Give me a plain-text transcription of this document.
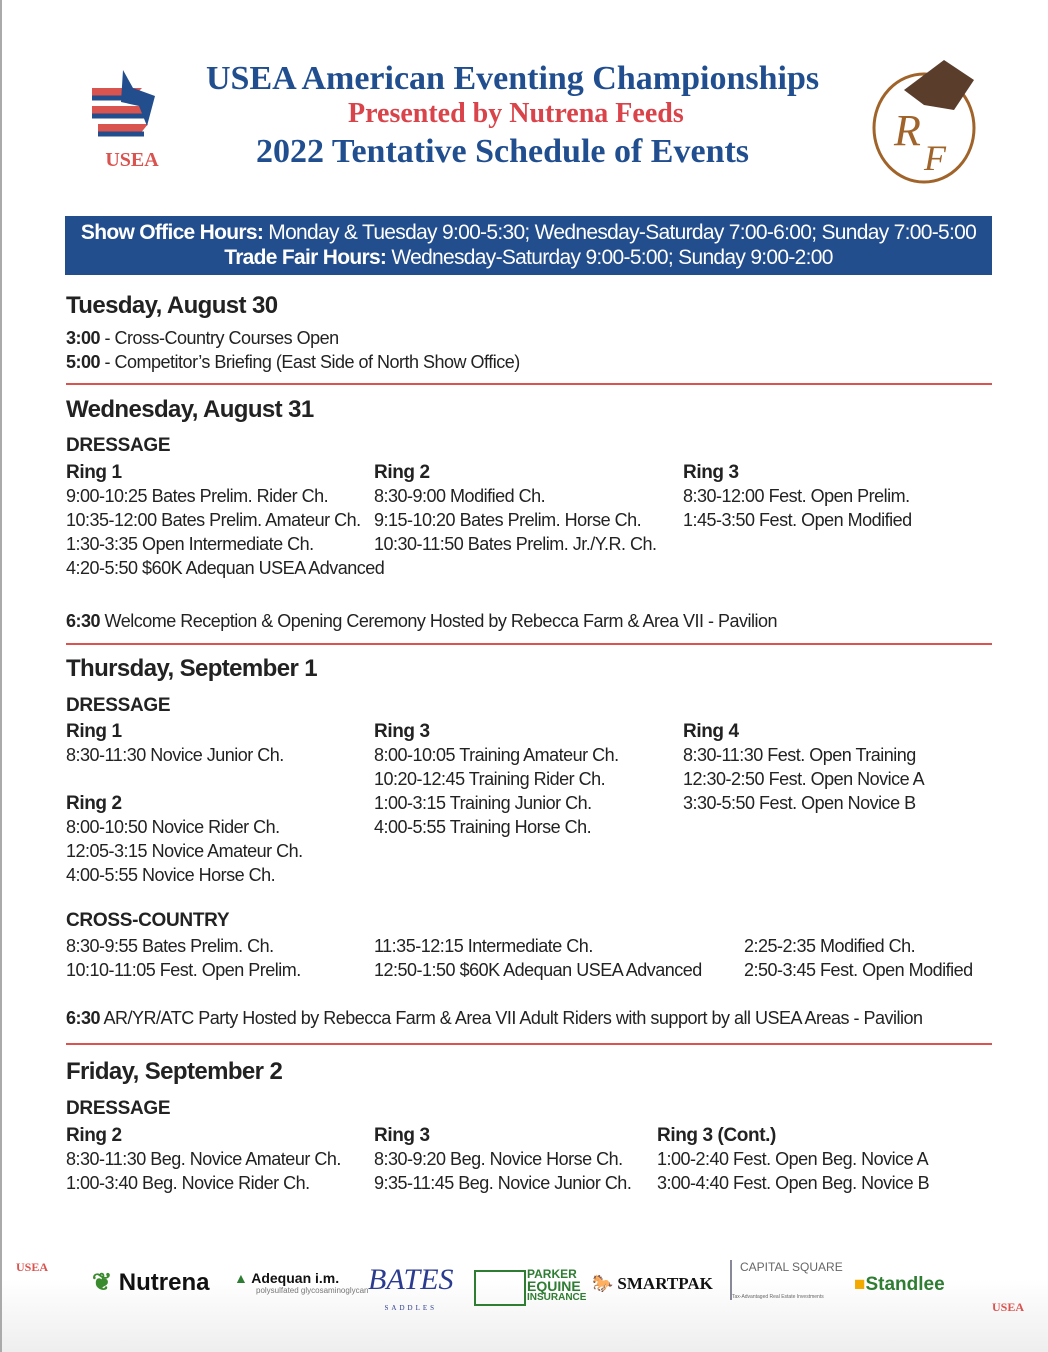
USEA
USEA American Eventing Championships
Presented by Nutrena Feeds
2022 Tentative Schedule of Events	R
F
Show Office Hours: Monday & Tuesday 9:00-5:30; Wednesday-Saturday 7:00-6:00; Sunday 7:00-5:00
Trade Fair Hours: Wednesday-Saturday 9:00-5:00; Sunday 9:00-2:00
Tuesday, August 30
3:00 - Cross-Country Courses Open
5:00 - Competitor’s Briefing (East Side of North Show Office)
Wednesday, August 31
DRESSAGE
Ring 1
9:00-10:25 Bates Prelim. Rider Ch.
10:35-12:00 Bates Prelim. Amateur Ch.
1:30-3:35 Open Intermediate Ch.
4:20-5:50 $60K Adequan USEA Advanced
Ring 2
8:30-9:00 Modified Ch.
9:15-10:20 Bates Prelim. Horse Ch.
10:30-11:50 Bates Prelim. Jr./Y.R. Ch.
Ring 3
8:30-12:00 Fest. Open Prelim.
1:45-3:50 Fest. Open Modified
6:30 Welcome Reception & Opening Ceremony Hosted by Rebecca Farm & Area VII - Pavilion
Thursday, September 1
DRESSAGE
Ring 1
8:30-11:30 Novice Junior Ch.
Ring 2
8:00-10:50 Novice Rider Ch.
12:05-3:15 Novice Amateur Ch.
4:00-5:55 Novice Horse Ch.
Ring 3
8:00-10:05 Training Amateur Ch.
10:20-12:45 Training Rider Ch.
1:00-3:15 Training Junior Ch.
4:00-5:55 Training Horse Ch.
Ring 4
8:30-11:30 Fest. Open Training
12:30-2:50 Fest. Open Novice A
3:30-5:50 Fest. Open Novice B
CROSS-COUNTRY
8:30-9:55 Bates Prelim. Ch.
10:10-11:05 Fest. Open Prelim.
11:35-12:15 Intermediate Ch.
12:50-1:50 $60K Adequan USEA Advanced
2:25-2:35 Modified Ch.
2:50-3:45 Fest. Open Modified
6:30 AR/YR/ATC Party Hosted by Rebecca Farm & Area VII Adult Riders with support by all USEA Areas - Pavilion
Friday, September 2
DRESSAGE
Ring 2
8:30-11:30 Beg. Novice Amateur Ch.
1:00-3:40 Beg. Novice Rider Ch.
Ring 3
8:30-9:20 Beg. Novice Horse Ch.
9:35-11:45 Beg. Novice Junior Ch.
Ring 3 (Cont.)
1:00-2:40 Fest. Open Beg. Novice A
3:00-4:40 Fest. Open Beg. Novice B
USEA
❦ Nutrena ▲ Adequan i.m.
polysulfated glycosaminoglycan BATES
SADDLES
PARKER
EQUINE
INSURANCE
🐎 SMARTPAK
CAPITAL SQUARE
Tax-Advantaged Real Estate Investments
■Standlee
USEA
